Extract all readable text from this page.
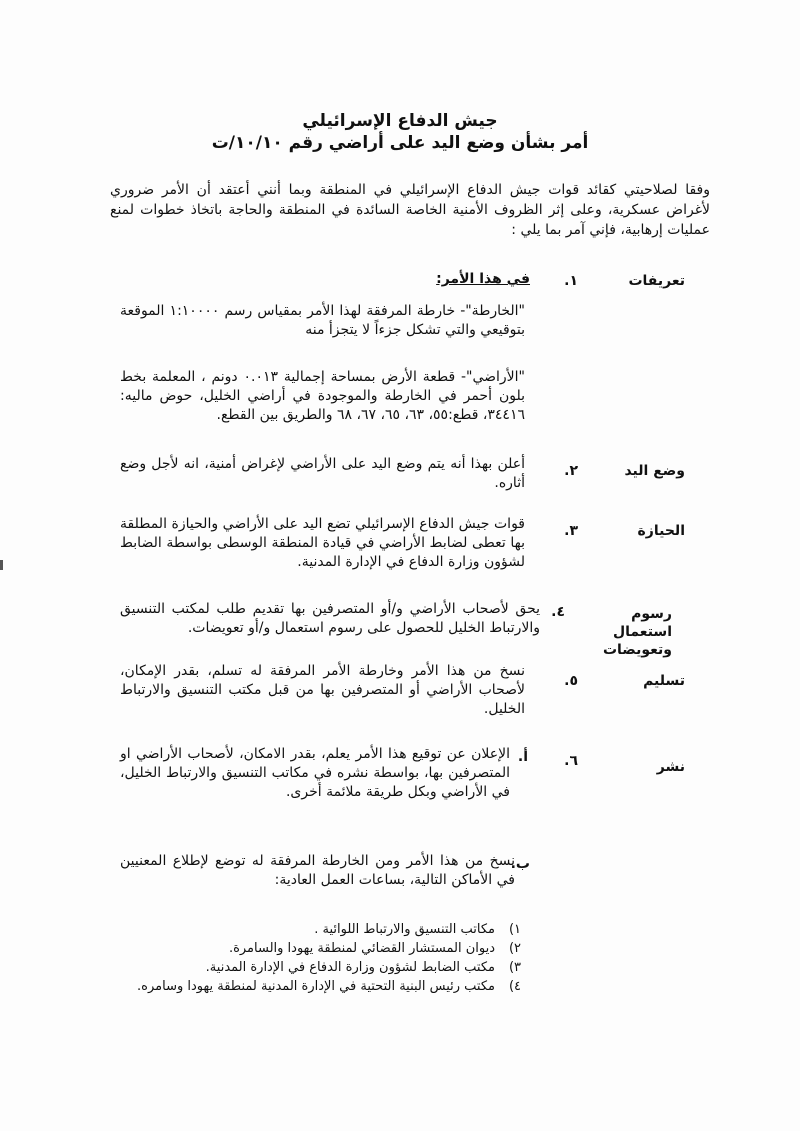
جيش الدفاع الإسرائيلي
أمر بشأن وضع اليد على أراضي رقم ١٠/١٠/ت
وفقا لصلاحيتي كقائد قوات جيش الدفاع الإسرائيلي في المنطقة وبما أنني أعتقد أن الأمر ضروري لأغراض عسكرية، وعلى إثر الظروف الأمنية الخاصة السائدة في المنطقة والحاجة باتخاذ خطوات لمنع عمليات إرهابية، فإني آمر بما يلي :
تعريفات
١.
في هذا الأمر:
"الخارطة"- خارطة المرفقة لهذا الأمر بمقياس رسم ١:١٠٠٠٠ الموقعة بتوقيعي والتي تشكل جزءاً لا يتجزأ منه
"الأراضي"- قطعة الأرض بمساحة إجمالية ٠.٠١٣ دونم ، المعلمة بخط بلون أحمر في الخارطة والموجودة في أراضي الخليل، حوض ماليه: ٣٤٤١٦، قطع:٥٥، ٦٣، ٦٥، ٦٧، ٦٨ والطريق بين القطع.
وضع اليد
٢.
أعلن بهذا أنه يتم وضع اليد على الأراضي لإغراض أمنية، انه لأجل وضع أثاره.
الحيازة
٣.
قوات جيش الدفاع الإسرائيلي تضع اليد على الأراضي والحيازة المطلقة بها تعطى لضابط الأراضي في قيادة المنطقة الوسطى بواسطة الضابط لشؤون وزارة الدفاع في الإدارة المدنية.
رسوم استعمال وتعويضات
٤.
يحق لأصحاب الأراضي و/أو المتصرفين بها تقديم طلب لمكتب التنسيق والارتباط الخليل للحصول على رسوم استعمال و/أو تعويضات.
تسليم
٥.
نسخ من هذا الأمر وخارطة الأمر المرفقة له تسلم، بقدر الإمكان، لأصحاب الأراضي أو المتصرفين بها من قبل مكتب التنسيق والارتباط الخليل.
نشر
٦.
أ.
الإعلان عن توقيع هذا الأمر يعلم، بقدر الامكان، لأصحاب الأراضي او المتصرفين بها، بواسطة نشره في مكاتب التنسيق والارتباط الخليل، في الأراضي وبكل طريقة ملائمة أخرى.
ب.
نسخ من هذا الأمر ومن الخارطة المرفقة له توضع لإطلاع المعنيين في الأماكن التالية، بساعات العمل العادية:
١)
مكاتب التنسيق والارتباط اللوائية .
٢)
ديوان المستشار القضائي لمنطقة يهودا والسامرة.
٣)
مكتب الضابط لشؤون وزارة الدفاع في الإدارة المدنية.
٤)
مكتب رئيس البنية التحتية في الإدارة المدنية لمنطقة يهودا وسامره.
